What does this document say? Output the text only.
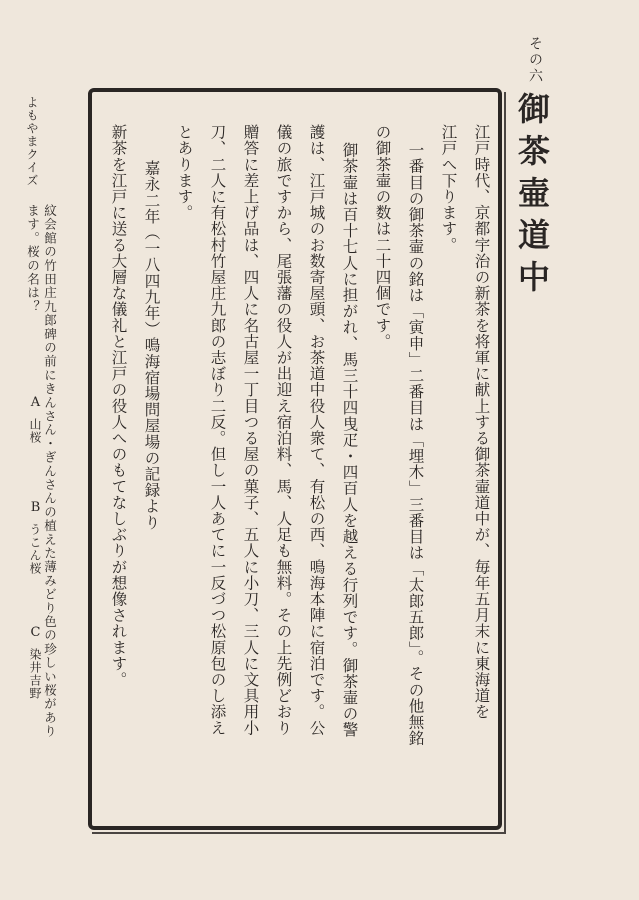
その六
御茶壷道中
江戸時代、京都宇治の新茶を将軍に献上する御茶壷道中が、毎年五月末に東海道を
江戸へ下ります。
一番目の御茶壷の銘は「寅申」二番目は「埋木」三番目は「太郎五郎」。その他無銘
の御茶壷の数は二十四個です。
御茶壷は百十七人に担がれ、馬三十四曳疋・四百人を越える行列です。御茶壷の警
護は、江戸城のお数寄屋頭、お茶道中役人衆て、有松の西、鳴海本陣に宿泊です。公
儀の旅ですから、尾張藩の役人が出迎え宿泊料、馬、人足も無料。その上先例どおり
贈答に差上げ品は、四人に名古屋一丁目つる屋の菓子、五人に小刀、三人に文具用小
刀、二人に有松村竹屋庄九郎の志ぼり二反。但し一人あてに一反づつ松原包のし添え
とあります。
嘉永二年（一八四九年）鳴海宿場問屋場の記録より
新茶を江戸に送る大層な儀礼と江戸の役人へのもてなしぶりが想像されます。
よもやまクイズ
紋会館の竹田庄九郎碑の前にきんさん・ぎんさんの植えた薄みどり色の珍しい桜があり
ます。桜の名は？
A
山桜
B
うこん桜
C
染井吉野
